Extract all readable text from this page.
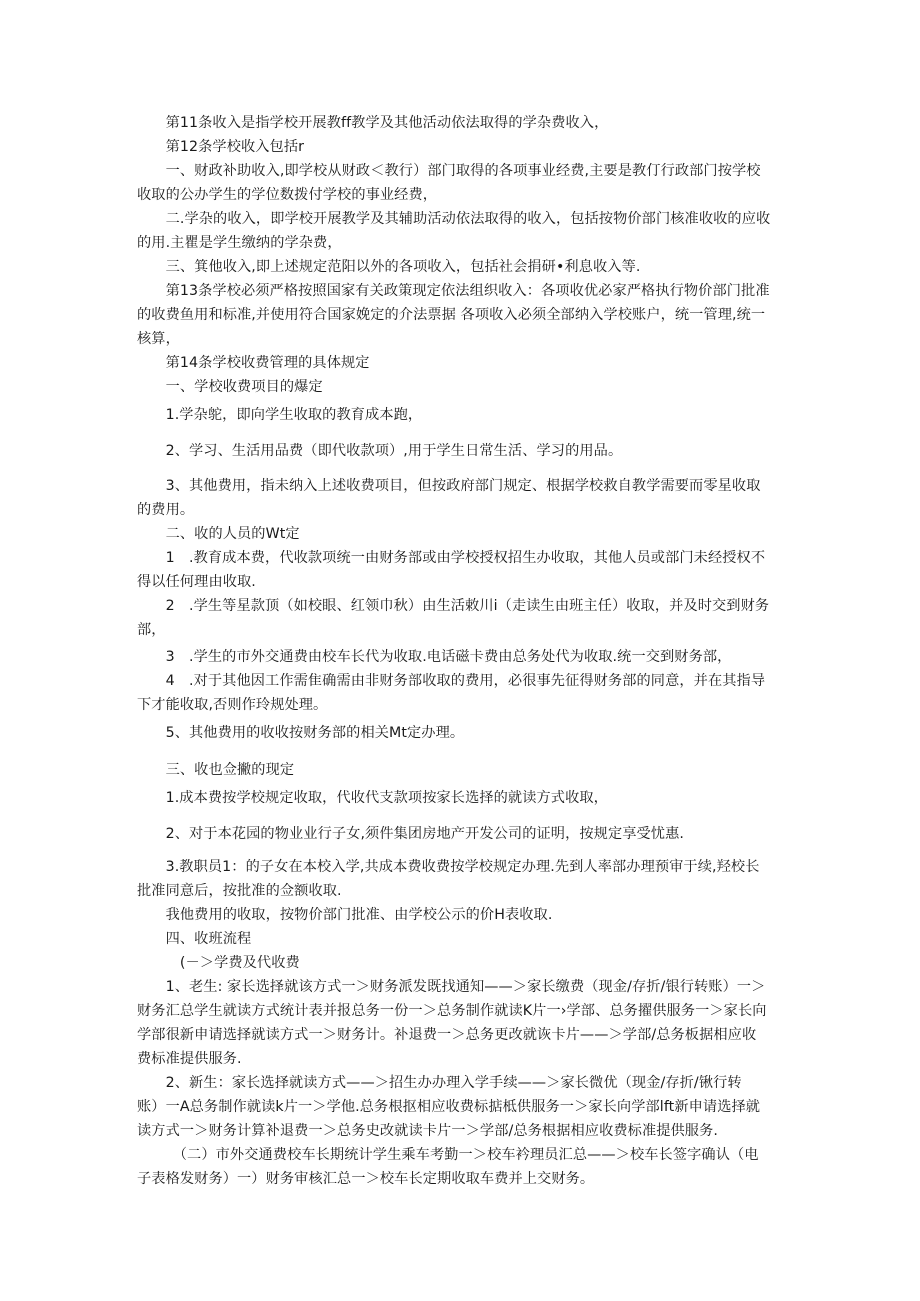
　　第11条收入是指学校开展教ff教学及其他活动依法取得的学杂费收入，
　　第12条学校收入包括r
　　一、财政补助收入,即学校从财政＜教行）部门取得的各项事业经费,主要是教仃行政部门按学校
收取的公办学生的学位数拨付学校的事业经费，
　　二.学杂的收入，即学校开展教学及其辅助活动依法取得的收入，包括按物价部门核准收收的应收
的用.主瞿是学生缴纳的学杂费，
　　三、箕他收入,即上述规定范阳以外的各项收入，包括社会捐研•利息收入等.
　　第13条学校必须严格按照国家有关政策现定依法组织收入：各项收优必家严格执行物价部门批准
的收费鱼用和标准,并使用符合国家娩定的介法票据 各项收入必须全部纳入学校账户，统一管理,统一
核算，
　　第14条学校收费管理的具体规定
　　一、学校收费项目的爆定
　　1.学杂鸵，即向学生收取的教育成本跑，
　　2、学习、生活用品费（即代收款项）,用于学生日常生活、学习的用品。
　　3、其他费用，指未纳入上述收费项目，但按政府部门规定、根据学校救自教学需要而零星收取
的费用。
　　二、收的人员的Wt定
　　1　.教育成本费，代收款项统一由财务部或由学校授权招生办收取，其他人员或部门未经授权不
得以任何理由收取.
　　2　.学生等星款顶（如校眼、红领巾秋）由生活敕川i（走读生由班主任）收取，并及时交到财务
部，
　　3　.学生的市外交通费由校车长代为收取.电话磁卡费由总务处代为收取.统一交到财务部，
　　4　.对于其他因工作需隹确需由非财务部收取的费用，必很事先征得财务部的同意，并在其指导
下才能收取,否则作玲规处理。
　　5、其他费用的收收按财务部的相关Mt定办理。
　　三、收也佥撇的现定
　　1.成本费按学校规定收取，代收代支款项按家长选择的就读方式收取，
　　2、对于本花园的物业业行子女,须件集团房地产开发公司的证明，按规定享受忧惠.
　　3.教职员1：的子女在本校入学,共成本费收费按学校规定办理.先到人率部办理预审于续,羟校长
批准同意后，按批准的佥额收取.
　　我他费用的收取，按物价部门批准、由学校公示的价H表收取.
　　四、收班流程
　　　(－＞学费及代收费
　　1、老生: 家长选择就该方式一＞财务派发既找通知——＞家长缴费（现金/存折/银行转账）一＞
财务汇总学生就读方式统计表并报总务一份一＞总务制作就读K片一›学部、总务擢供服务一＞家长向
学部很新申请选择就读方式一＞财务计。补退费一＞总务更改就诙卡片——＞学部/总务板据相应收
费标准提供服务.
　　2、新生：家长选择就读方式——＞招生办办理入学手续——＞家长微优（现金/存折/锹行转
账）一A总务制作就读k片一＞学他.总务根抠相应收费标掂柢供服务一＞家长向学部lft新申请选择就
读方式一＞财务计算补退费一＞总务史改就读卡片一＞学部/总务根据相应收费标准提供服务.
　　　（二）市外交通费校车长期统计学生乘车考勤一＞校车衿理员汇总——＞校车长签字确认（电
子表格发财务）一）财务审核汇总一＞校车长定期收取车费并上交财务。
